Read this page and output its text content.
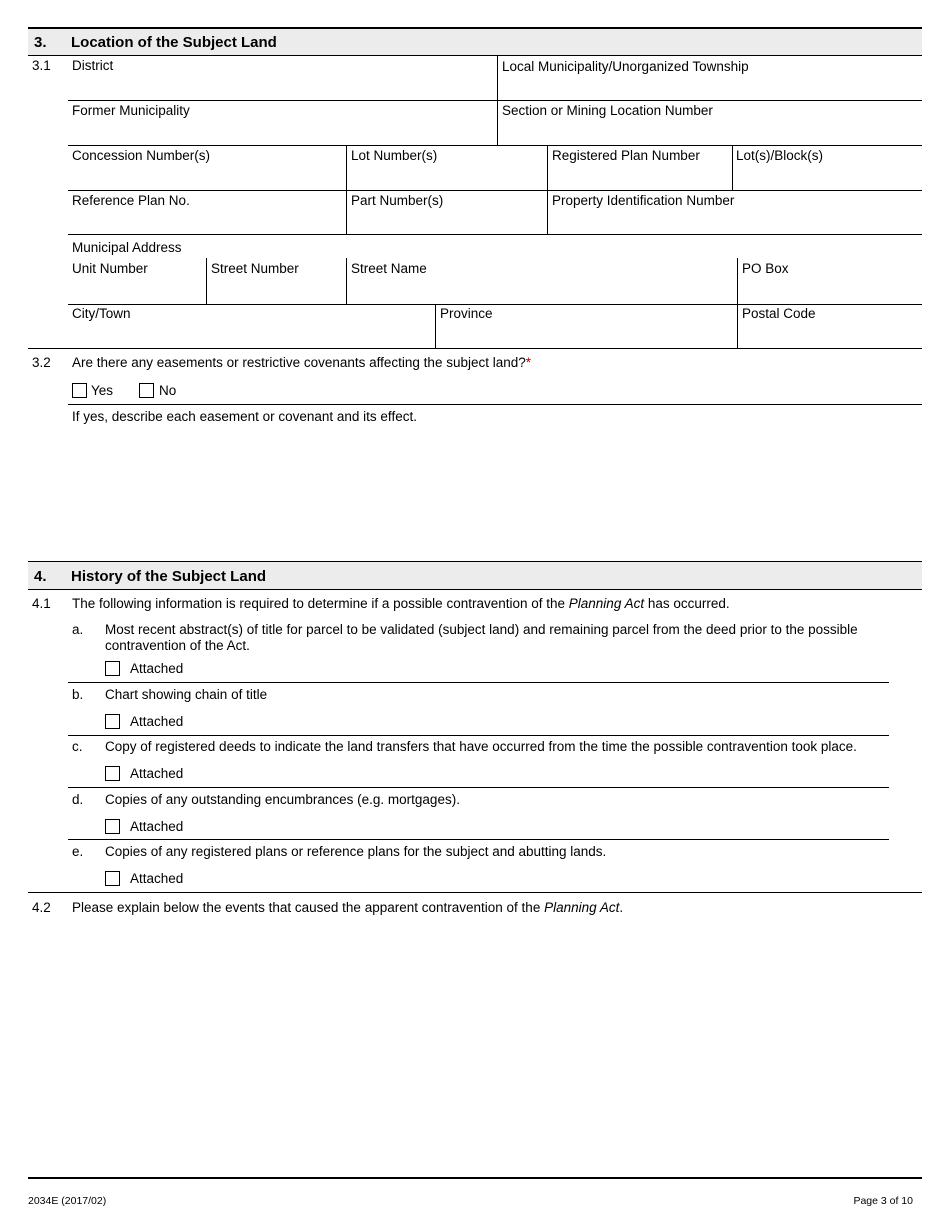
3. Location of the Subject Land
3.1 District	Local Municipality/Unorganized Township
Former Municipality	Section or Mining Location Number
Concession Number(s)	Lot Number(s)	Registered Plan Number	Lot(s)/Block(s)
Reference Plan No.	Part Number(s)	Property Identification Number
Municipal Address
Unit Number	Street Number	Street Name	PO Box
City/Town	Province	Postal Code
3.2 Are there any easements or restrictive covenants affecting the subject land?*
Yes	No
If yes, describe each easement or covenant and its effect.
4. History of the Subject Land
4.1 The following information is required to determine if a possible contravention of the Planning Act has occurred.
a. Most recent abstract(s) of title for parcel to be validated (subject land) and remaining parcel from the deed prior to the possible
contravention of the Act.
Attached
b. Chart showing chain of title
Attached
c. Copy of registered deeds to indicate the land transfers that have occurred from the time the possible contravention took place.
Attached
d. Copies of any outstanding encumbrances (e.g. mortgages).
Attached
e. Copies of any registered plans or reference plans for the subject and abutting lands.
Attached
4.2 Please explain below the events that caused the apparent contravention of the Planning Act.
2034E (2017/02)	Page 3 of 10
